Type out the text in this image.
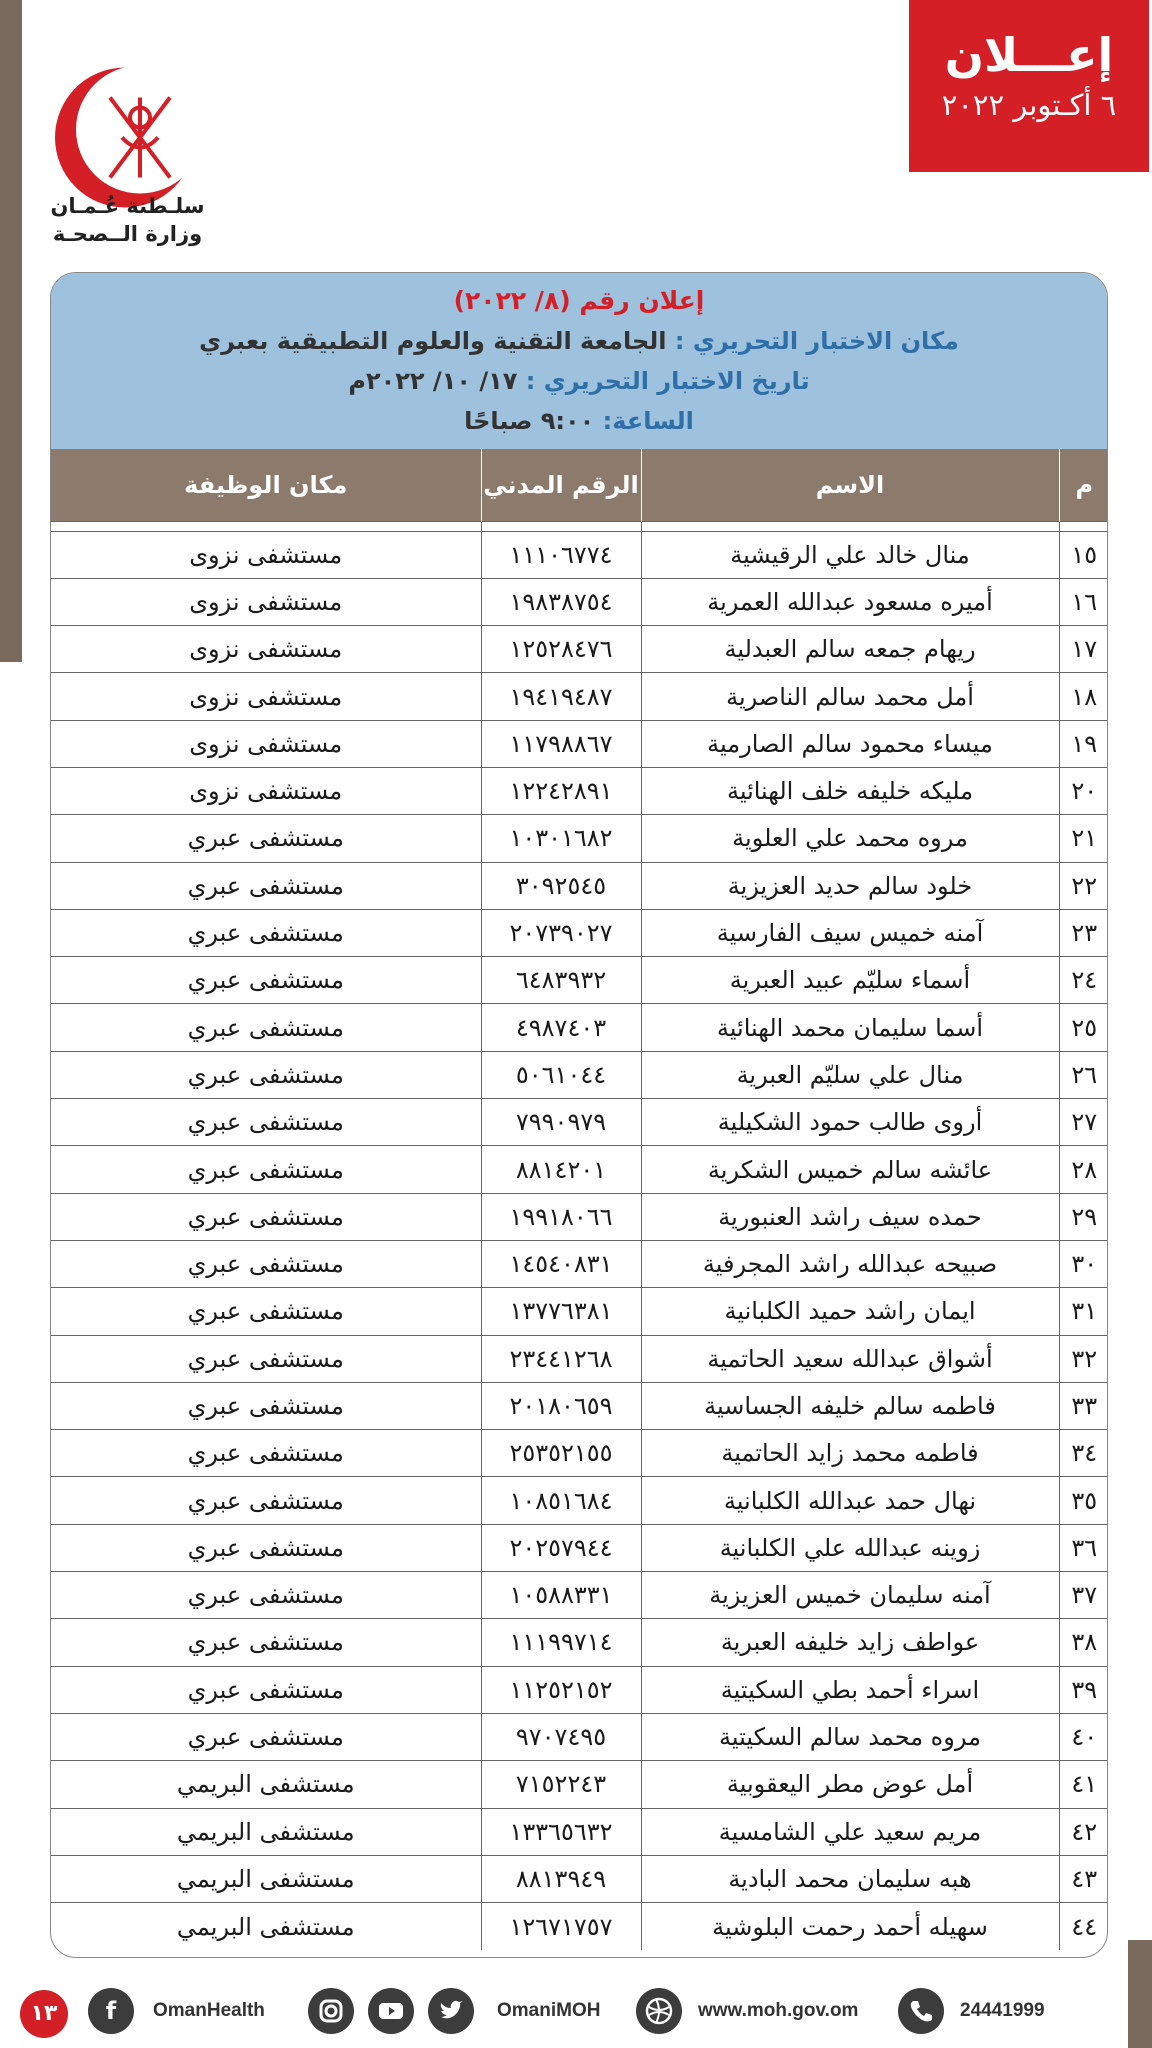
سلـطنة عُـمـان
وزارة الــصحـة
إعـــلان
٦ أكـتوبر ٢٠٢٢
إعلان رقم (٨/ ٢٠٢٢)
مكان الاختبار التحريري : الجامعة التقنية والعلوم التطبيقية بعبري
تاريخ الاختبار التحريري : ١٧/ ١٠/ ٢٠٢٢م
الساعة: ٩:٠٠ صباحًا
م	الاسم	الرقم المدني	مكان الوظيفة

١٥	منال خالد علي الرقيشية	١١١٠٦٧٧٤	مستشفى نزوى
١٦	أميره مسعود عبدالله العمرية	١٩٨٣٨٧٥٤	مستشفى نزوى
١٧	ريهام جمعه سالم العبدلية	١٢٥٢٨٤٧٦	مستشفى نزوى
١٨	أمل محمد سالم الناصرية	١٩٤١٩٤٨٧	مستشفى نزوى
١٩	ميساء محمود سالم الصارمية	١١٧٩٨٨٦٧	مستشفى نزوى
٢٠	مليكه خليفه خلف الهنائية	١٢٢٤٢٨٩١	مستشفى نزوى
٢١	مروه محمد علي العلوية	١٠٣٠١٦٨٢	مستشفى عبري
٢٢	خلود سالم حديد العزيزية	٣٠٩٢٥٤٥	مستشفى عبري
٢٣	آمنه خميس سيف الفارسية	٢٠٧٣٩٠٢٧	مستشفى عبري
٢٤	أسماء سليّم عبيد العبرية	٦٤٨٣٩٣٢	مستشفى عبري
٢٥	أسما سليمان محمد الهنائية	٤٩٨٧٤٠٣	مستشفى عبري
٢٦	منال علي سليّم العبرية	٥٠٦١٠٤٤	مستشفى عبري
٢٧	أروى طالب حمود الشكيلية	٧٩٩٠٩٧٩	مستشفى عبري
٢٨	عائشه سالم خميس الشكرية	٨٨١٤٢٠١	مستشفى عبري
٢٩	حمده سيف راشد العنبورية	١٩٩١٨٠٦٦	مستشفى عبري
٣٠	صبيحه عبدالله راشد المجرفية	١٤٥٤٠٨٣١	مستشفى عبري
٣١	ايمان راشد حميد الكلبانية	١٣٧٧٦٣٨١	مستشفى عبري
٣٢	أشواق عبدالله سعيد الحاتمية	٢٣٤٤١٢٦٨	مستشفى عبري
٣٣	فاطمه سالم خليفه الجساسية	٢٠١٨٠٦٥٩	مستشفى عبري
٣٤	فاطمه محمد زايد الحاتمية	٢٥٣٥٢١٥٥	مستشفى عبري
٣٥	نهال حمد عبدالله الكلبانية	١٠٨٥١٦٨٤	مستشفى عبري
٣٦	زوينه عبدالله علي الكلبانية	٢٠٢٥٧٩٤٤	مستشفى عبري
٣٧	آمنه سليمان خميس العزيزية	١٠٥٨٨٣٣١	مستشفى عبري
٣٨	عواطف زايد خليفه العبرية	١١١٩٩٧١٤	مستشفى عبري
٣٩	اسراء أحمد بطي السكيتية	١١٢٥٢١٥٢	مستشفى عبري
٤٠	مروه محمد سالم السكيتية	٩٧٠٧٤٩٥	مستشفى عبري
٤١	أمل عوض مطر اليعقوبية	٧١٥٢٢٤٣	مستشفى البريمي
٤٢	مريم سعيد علي الشامسية	١٣٣٦٥٦٣٢	مستشفى البريمي
٤٣	هبه سليمان محمد البادية	٨٨١٣٩٤٩	مستشفى البريمي
٤٤	سهيله أحمد رحمت البلوشية	١٢٦٧١٧٥٧	مستشفى البريمي
١٣	f	OmanHealth	OmaniMOH	www.moh.gov.om	24441999
